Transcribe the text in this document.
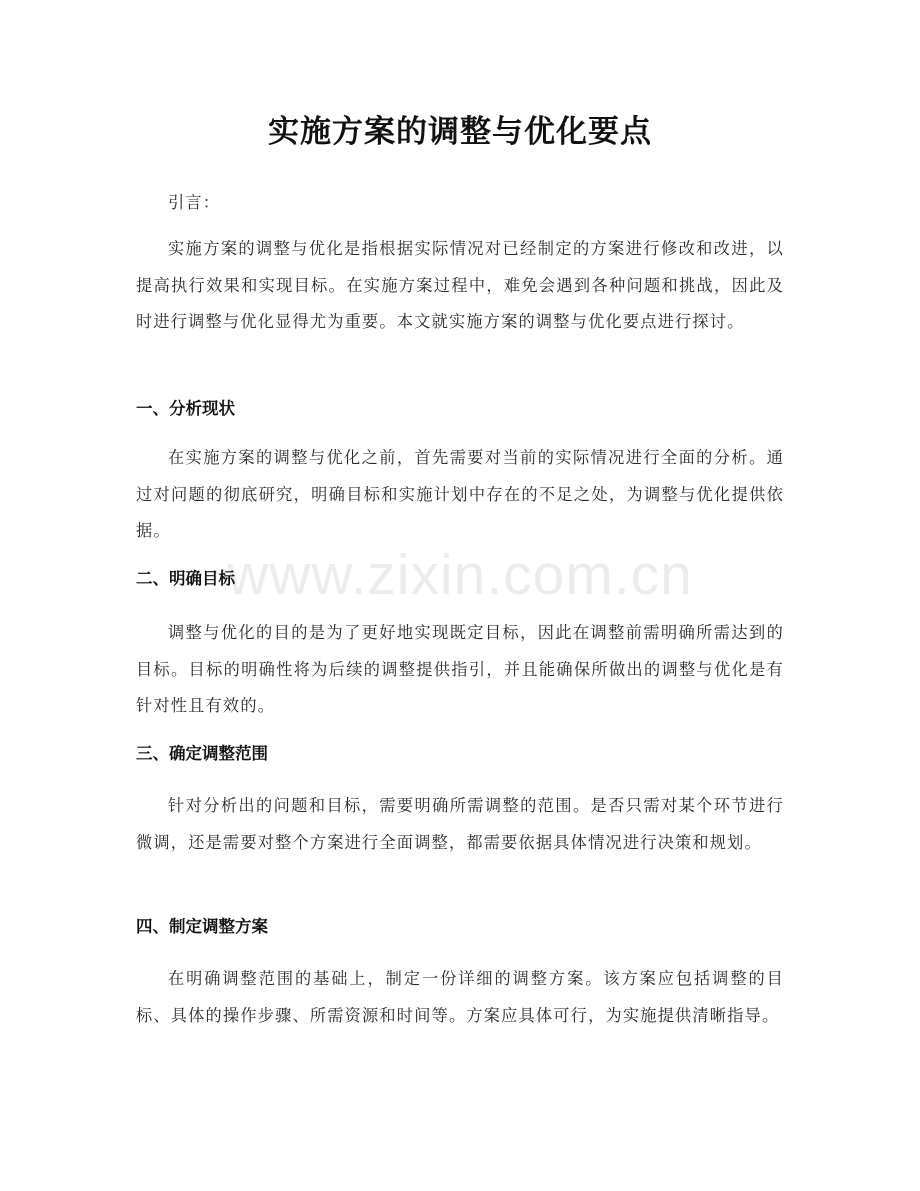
www.zixin.com.cn
实施方案的调整与优化要点

引言：

实施方案的调整与优化是指根据实际情况对已经制定的方案进行修改和改进，以提高执行效果和实现目标。在实施方案过程中，难免会遇到各种问题和挑战，因此及时进行调整与优化显得尤为重要。本文就实施方案的调整与优化要点进行探讨。

一、分析现状

在实施方案的调整与优化之前，首先需要对当前的实际情况进行全面的分析。通过对问题的彻底研究，明确目标和实施计划中存在的不足之处，为调整与优化提供依据。

二、明确目标

调整与优化的目的是为了更好地实现既定目标，因此在调整前需明确所需达到的目标。目标的明确性将为后续的调整提供指引，并且能确保所做出的调整与优化是有针对性且有效的。

三、确定调整范围

针对分析出的问题和目标，需要明确所需调整的范围。是否只需对某个环节进行微调，还是需要对整个方案进行全面调整，都需要依据具体情况进行决策和规划。

四、制定调整方案

在明确调整范围的基础上，制定一份详细的调整方案。该方案应包括调整的目标、具体的操作步骤、所需资源和时间等。方案应具体可行，为实施提供清晰指导。
